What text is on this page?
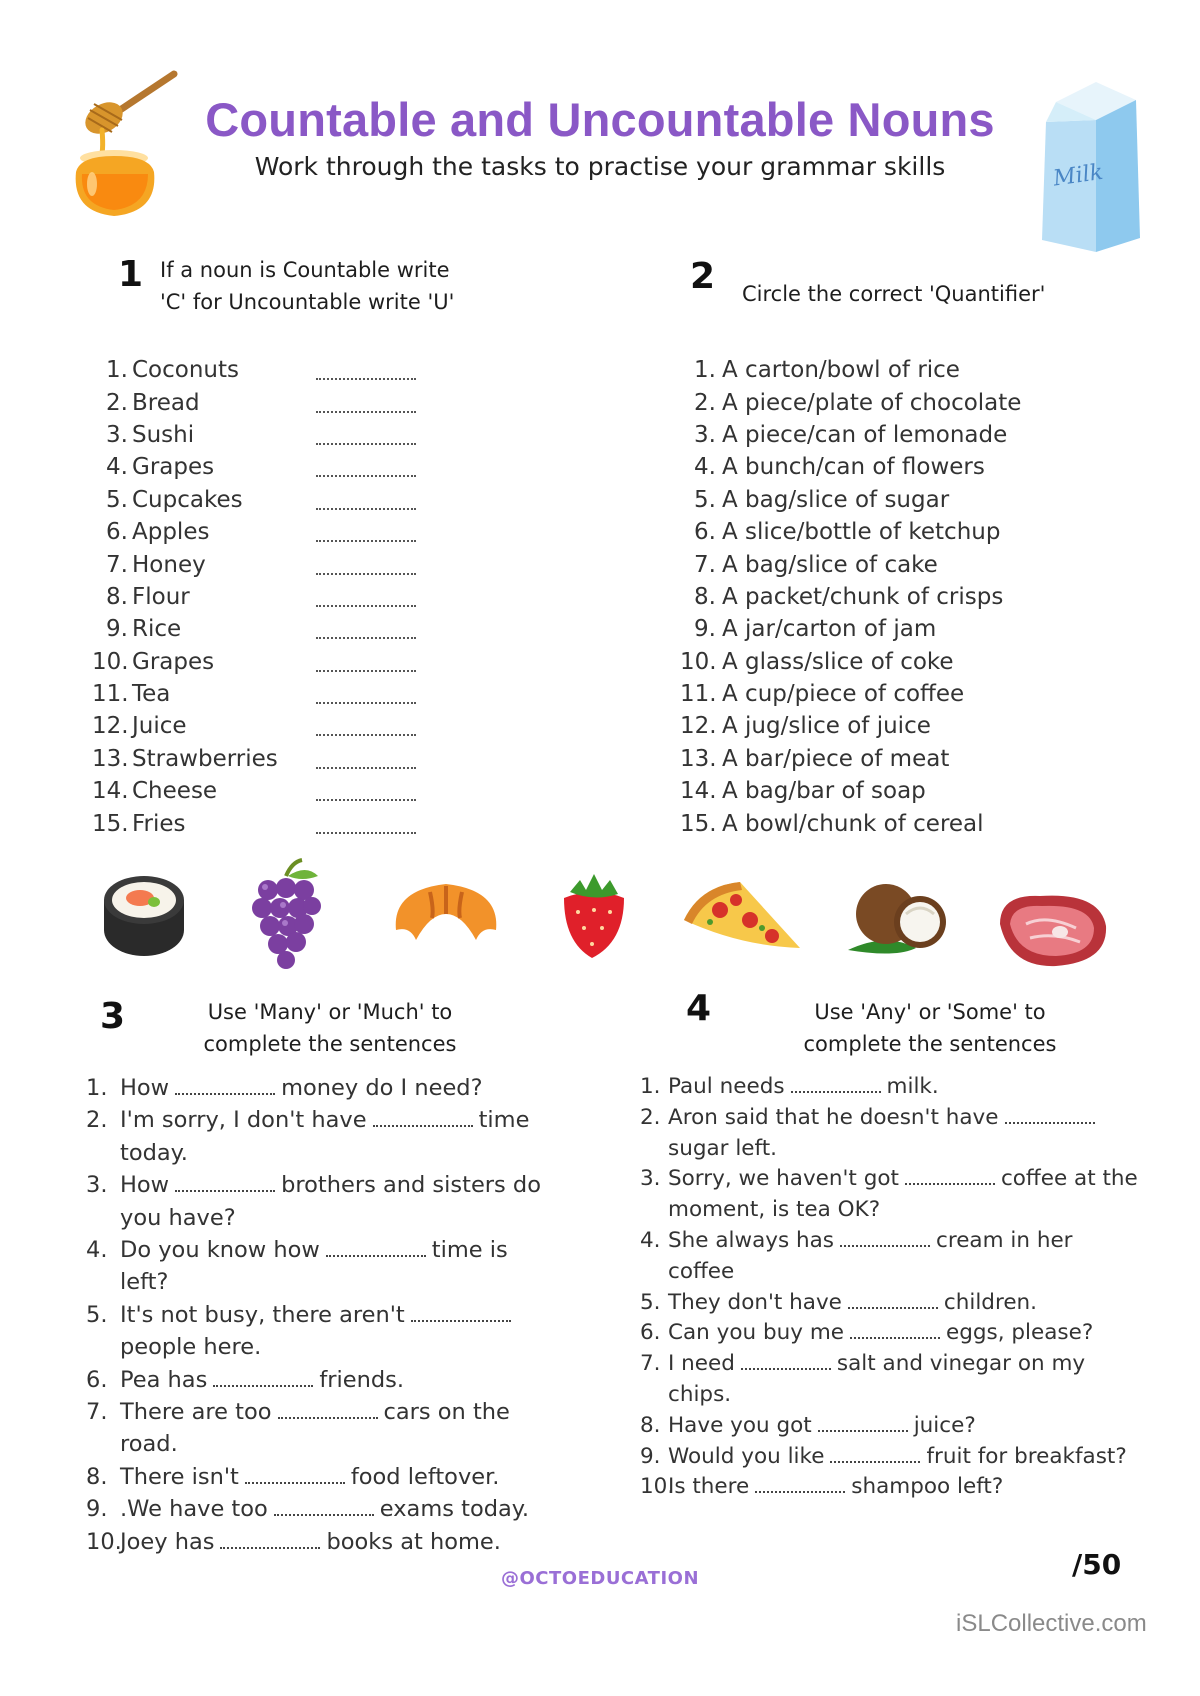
Milk
Countable and Uncountable Nouns
Work through the tasks to practise your grammar skills
1 If a noun is Countable write
'C' for Uncountable write 'U'
2 Circle the correct 'Quantifier'
1. Coconuts
2. Bread
3. Sushi
4. Grapes
5. Cupcakes
6. Apples
7. Honey
8. Flour
9. Rice
10. Grapes
11. Tea
12. Juice
13. Strawberries
14. Cheese
15. Fries
1. A carton/bowl of rice
2. A piece/plate of chocolate
3. A piece/can of lemonade
4. A bunch/can of flowers
5. A bag/slice of sugar
6. A slice/bottle of ketchup
7. A bag/slice of cake
8. A packet/chunk of crisps
9. A jar/carton of jam
10. A glass/slice of coke
11. A cup/piece of coffee
12. A jug/slice of juice
13. A bar/piece of meat
14. A bag/bar of soap
15. A bowl/chunk of cereal
3	Use 'Many' or 'Much' to
complete the sentences
4	Use 'Any' or 'Some' to
complete the sentences
1. How	money do I need?
2. I'm sorry, I don't have	time today.
3. How	brothers and sisters do you have?
4. Do you know how	time is left?
5. It's not busy, there aren'tpeople here.
6. Pea has	friends.
7. There are too	cars on the road.
8. There isn't	food leftover.
9. .We have too	exams today.
10.
Joey has	books at home.
1. Paul needs	milk.
2. Aron said that he doesn't havesugar left.
3. Sorry, we haven't got	coffee at the moment, is tea OK?
4. She always has	cream in her coffee
5. They don't have	children.
6. Can you buy me	eggs, please?
7. I need	salt and vinegar on my chips.
8. Have you got	juice?
9. Would you like	fruit for breakfast?
10.
Is there	shampoo left?
@OCTOEDUCATION	/50
iSLCollective.com
